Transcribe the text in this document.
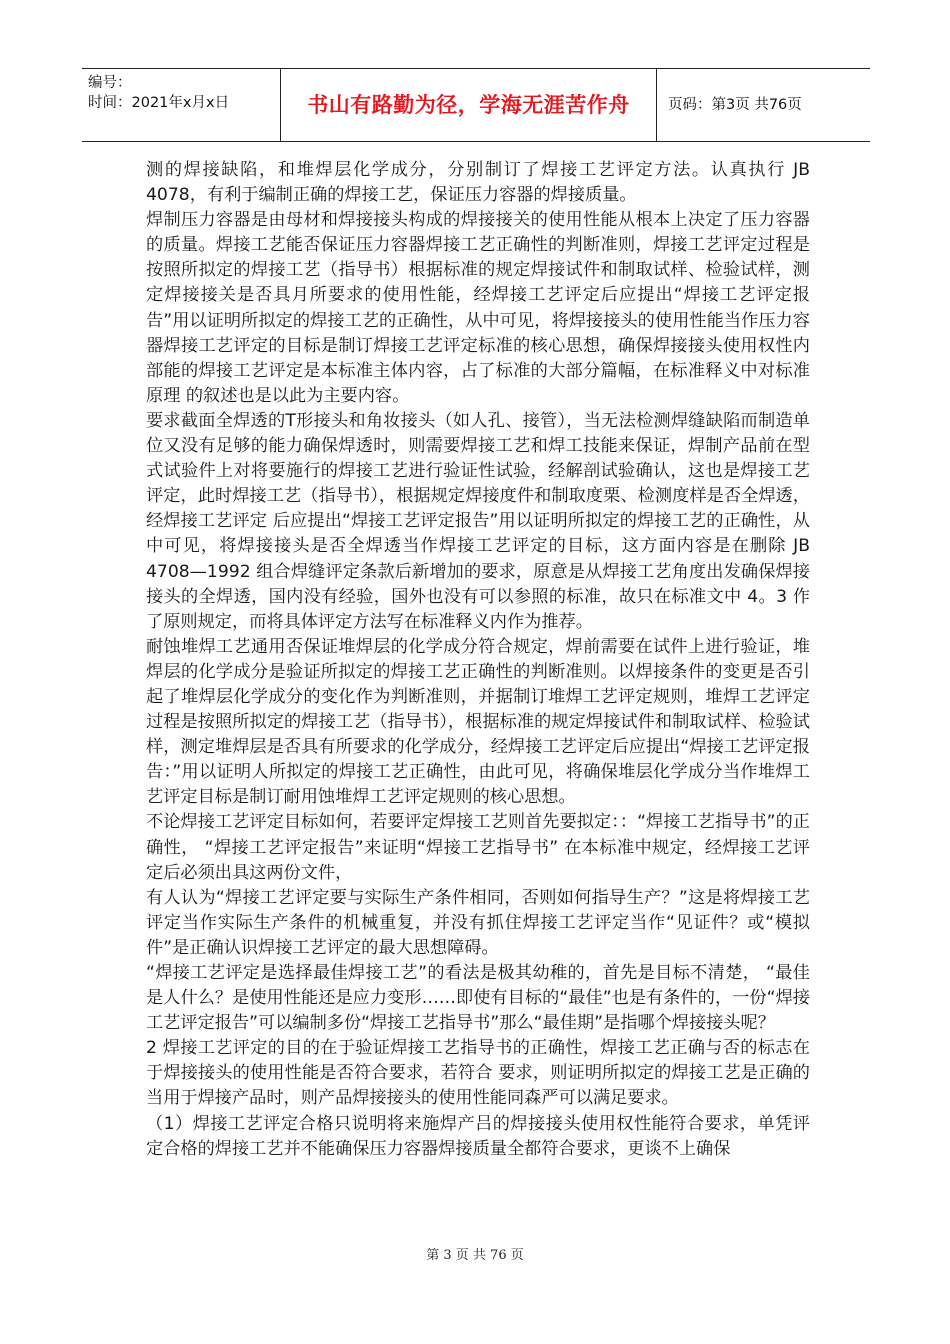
编号：
时间：2021年x月x日	书山有路勤为径，学海无涯苦作舟	页码：第3页 共76页

测的焊接缺陷，和堆焊层化学成分，分别制订了焊接工艺评定方法。认真执行 JB 4078，有利于编制正确的焊接工艺，保证压力容器的焊接质量。

焊制压力容器是由母材和焊接接头构成的焊接接关的使用性能从根本上决定了压力容器的质量。焊接工艺能否保证压力容器焊接工艺正确性的判断准则，焊接工艺评定过程是按照所拟定的焊接工艺（指导书）根据标准的规定焊接试件和制取试样、检验试样，测定焊接接关是否具月所要求的使用性能，经焊接工艺评定后应提出“焊接工艺评定报告”用以证明所拟定的焊接工艺的正确性，从中可见，将焊接接头的使用性能当作压力容器焊接工艺评定的目标是制订焊接工艺评定标准的核心思想，确保焊接接头使用权性内部能的焊接工艺评定是本标准主体内容，占了标准的大部分篇幅，在标准释义中对标准原理 的叙述也是以此为主要内容。

要求截面全焊透的T形接头和角妆接头（如人孔、接管），当无法检测焊缝缺陷而制造单位又没有足够的能力确保焊透时，则需要焊接工艺和焊工技能来保证，焊制产品前在型式试验件上对将要施行的焊接工艺进行验证性试验，经解剖试验确认，这也是焊接工艺评定，此时焊接工艺（指导书），根据规定焊接度件和制取度栗、检测度样是否全焊透，经焊接工艺评定 后应提出“焊接工艺评定报告”用以证明所拟定的焊接工艺的正确性，从中可见，将焊接接头是否全焊透当作焊接工艺评定的目标，这方面内容是在删除 JB 4708—1992 组合焊缝评定条款后新增加的要求，原意是从焊接工艺角度出发确保焊接接头的全焊透，国内没有经验，国外也没有可以参照的标准，故只在标准文中 4。3 作了原则规定，而将具体评定方法写在标准释义内作为推荐。

耐蚀堆焊工艺通用否保证堆焊层的化学成分符合规定，焊前需要在试件上进行验证，堆焊层的化学成分是验证所拟定的焊接工艺正确性的判断准则。以焊接条件的变更是否引起了堆焊层化学成分的变化作为判断准则，并据制订堆焊工艺评定规则，堆焊工艺评定过程是按照所拟定的焊接工艺（指导书），根据标准的规定焊接试件和制取试样、检验试样，测定堆焊层是否具有所要求的化学成分，经焊接工艺评定后应提出“焊接工艺评定报告：”用以证明人所拟定的焊接工艺正确性，由此可见，将确保堆层化学成分当作堆焊工艺评定目标是制订耐用蚀堆焊工艺评定规则的核心思想。

不论焊接工艺评定目标如何，若要评定焊接工艺则首先要拟定：：“焊接工艺指导书”的正确性， “焊接工艺评定报告”来证明“焊接工艺指导书” 在本标准中规定，经焊接工艺评定后必须出具这两份文件，

有人认为“焊接工艺评定要与实际生产条件相同，否则如何指导生产？”这是将焊接工艺评定当作实际生产条件的机械重复，并没有抓住焊接工艺评定当作“见证件？或“模拟件”是正确认识焊接工艺评定的最大思想障碍。

“焊接工艺评定是选择最佳焊接工艺”的看法是极其幼稚的，首先是目标不清楚， “最佳是人什么？是使用性能还是应力变形……即使有目标的“最佳”也是有条件的，一份“焊接工艺评定报告”可以编制多份“焊接工艺指导书”那么“最佳期”是指哪个焊接接头呢？

2 焊接工艺评定的目的在于验证焊接工艺指导书的正确性，焊接工艺正确与否的标志在于焊接接头的使用性能是否符合要求，若符合 要求，则证明所拟定的焊接工艺是正确的当用于焊接产品时，则产品焊接接头的使用性能同森严可以满足要求。

（1）焊接工艺评定合格只说明将来施焊产吕的焊接接头使用权性能符合要求，单凭评定合格的焊接工艺并不能确保压力容器焊接质量全都符合要求，更谈不上确保

第 3 页 共 76 页
